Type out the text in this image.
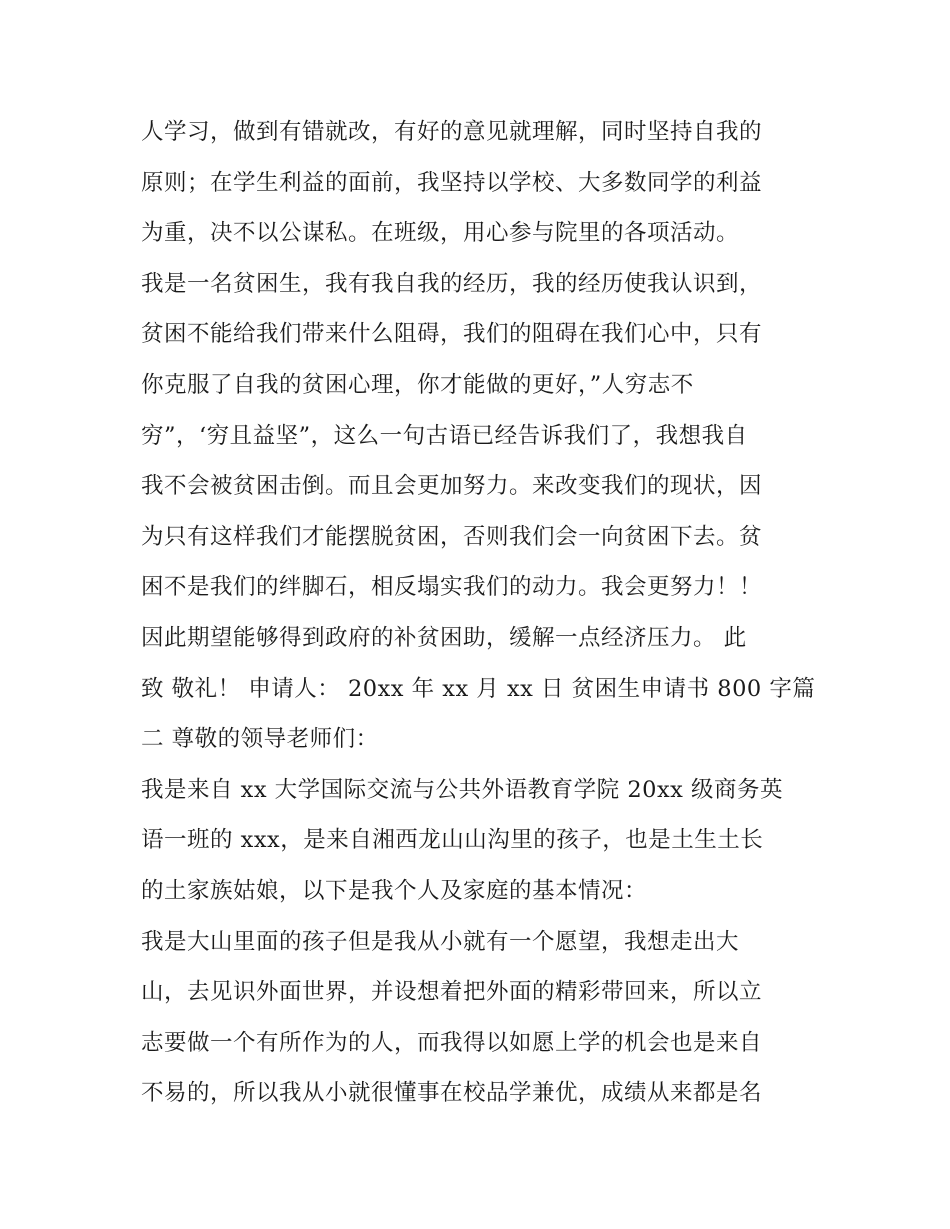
人学习，做到有错就改，有好的意见就理解，同时坚持自我的
原则；在学生利益的面前，我坚持以学校、大多数同学的利益
为重，决不以公谋私。在班级，用心参与院里的各项活动。
我是一名贫困生，我有我自我的经历，我的经历使我认识到，
贫困不能给我们带来什么阻碍，我们的阻碍在我们心中，只有
你克服了自我的贫困心理，你才能做的更好，”人穷志不
穷”，‘穷且益坚”，这么一句古语已经告诉我们了，我想我自
我不会被贫困击倒。而且会更加努力。来改变我们的现状，因
为只有这样我们才能摆脱贫困，否则我们会一向贫困下去。贫
困不是我们的绊脚石，相反塌实我们的动力。我会更努力！！
因此期望能够得到政府的补贫困助，缓解一点经济压力。 此
致 敬礼！ 申请人： 20xx 年 xx 月 xx 日 贫困生申请书 800 字篇
二 尊敬的领导老师们：
我是来自 xx 大学国际交流与公共外语教育学院 20xx 级商务英
语一班的 xxx，是来自湘西龙山山沟里的孩子，也是土生土长
的土家族姑娘，以下是我个人及家庭的基本情况：
我是大山里面的孩子但是我从小就有一个愿望，我想走出大
山，去见识外面世界，并设想着把外面的精彩带回来，所以立
志要做一个有所作为的人，而我得以如愿上学的机会也是来自
不易的，所以我从小就很懂事在校品学兼优，成绩从来都是名
